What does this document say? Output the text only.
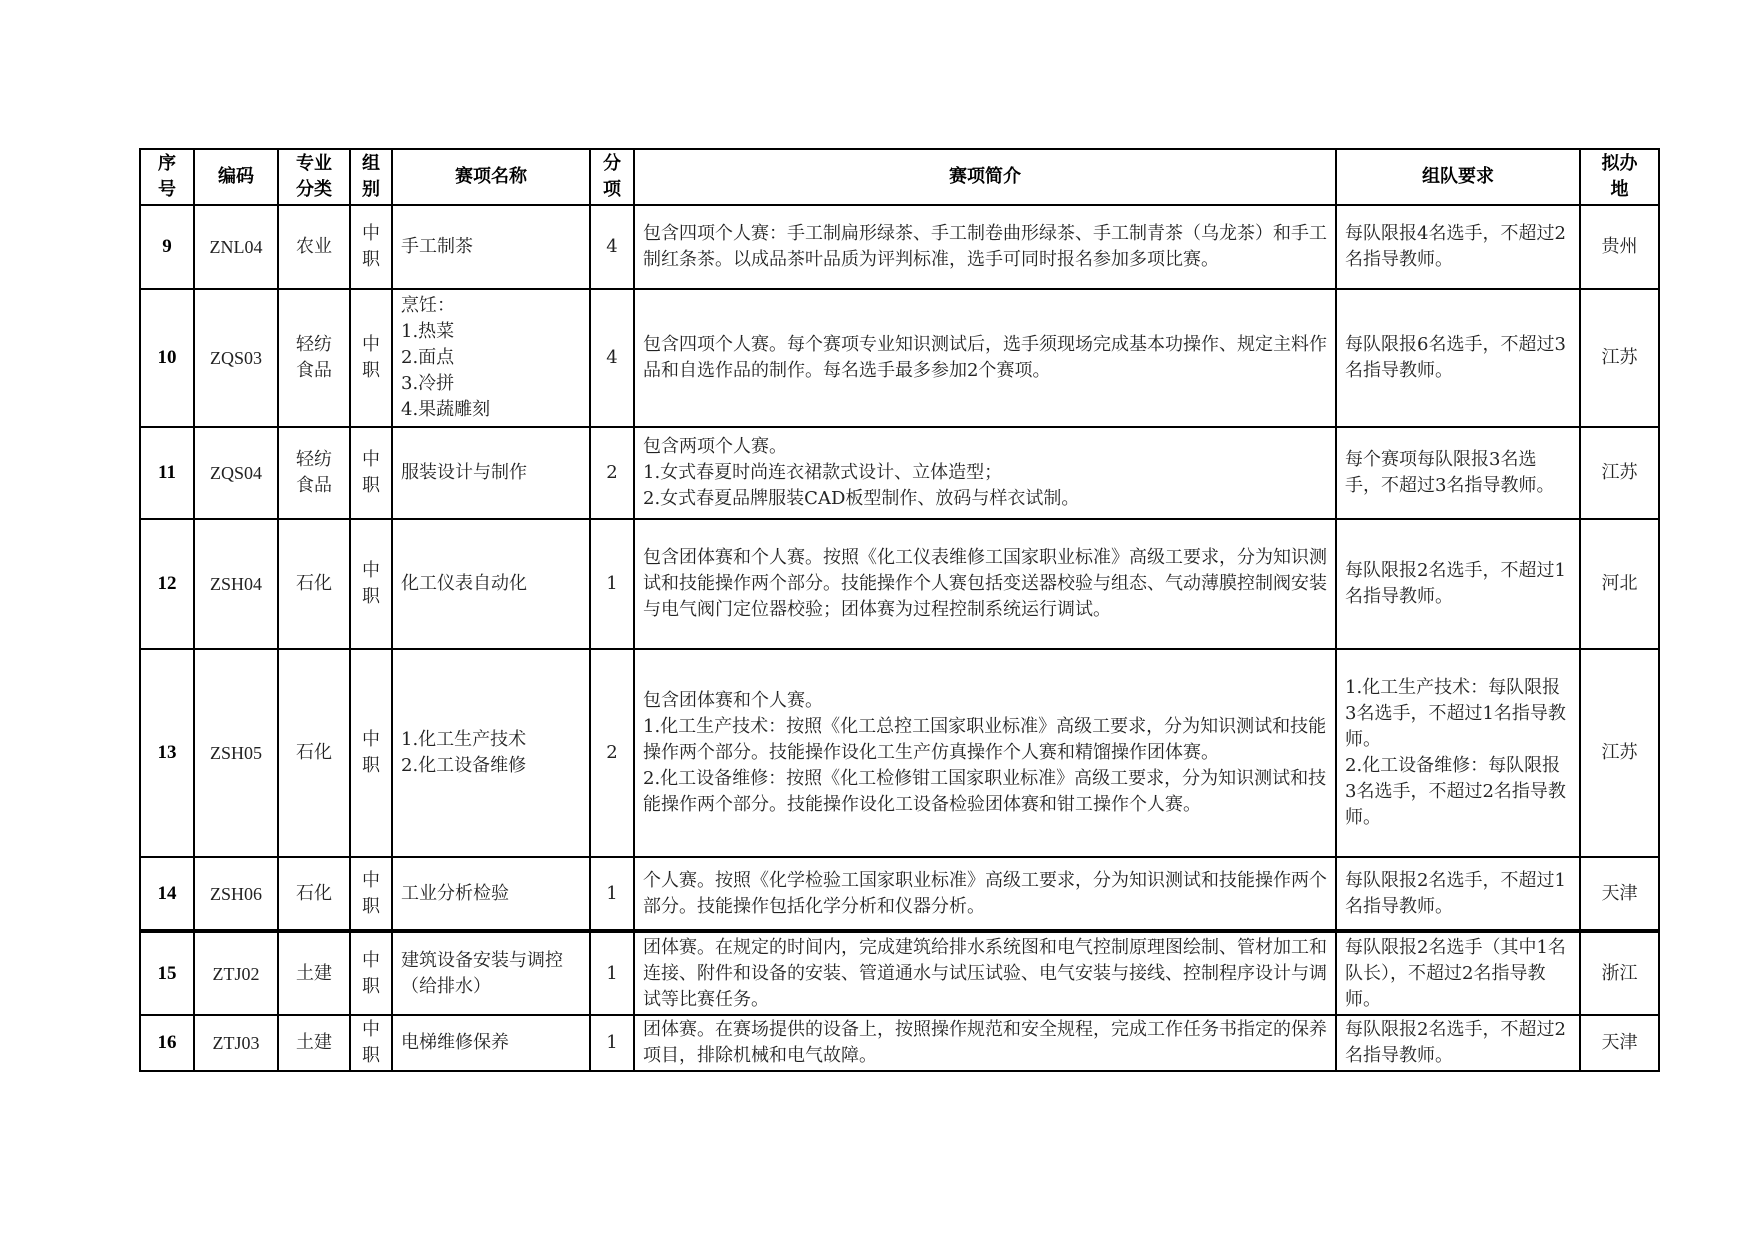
序号	编码	专业分类	组别	赛项名称	分项	赛项简介	组队要求	拟办地
9	ZNL04	农业	中职	手工制茶	4	包含四项个人赛：手工制扁形绿茶、手工制卷曲形绿茶、手工制青茶（乌龙茶）和手工制红条茶。以成品茶叶品质为评判标准，选手可同时报名参加多项比赛。	每队限报4名选手，不超过2名指导教师。	贵州
10	ZQS03	轻纺食品	中职	烹饪：
1.热菜
2.面点
3.冷拼
4.果蔬雕刻	4	包含四项个人赛。每个赛项专业知识测试后，选手须现场完成基本功操作、规定主料作品和自选作品的制作。每名选手最多参加2个赛项。	每队限报6名选手，不超过3名指导教师。	江苏
11	ZQS04	轻纺食品	中职	服装设计与制作	2	包含两项个人赛。
1.女式春夏时尚连衣裙款式设计、立体造型；
2.女式春夏品牌服装CAD板型制作、放码与样衣试制。	每个赛项每队限报3名选手，不超过3名指导教师。	江苏
12	ZSH04	石化	中职	化工仪表自动化	1	包含团体赛和个人赛。按照《化工仪表维修工国家职业标准》高级工要求，分为知识测试和技能操作两个部分。技能操作个人赛包括变送器校验与组态、气动薄膜控制阀安装与电气阀门定位器校验；团体赛为过程控制系统运行调试。	每队限报2名选手，不超过1名指导教师。	河北
13	ZSH05	石化	中职	1.化工生产技术
2.化工设备维修	2	包含团体赛和个人赛。
1.化工生产技术：按照《化工总控工国家职业标准》高级工要求，分为知识测试和技能操作两个部分。技能操作设化工生产仿真操作个人赛和精馏操作团体赛。
2.化工设备维修：按照《化工检修钳工国家职业标准》高级工要求，分为知识测试和技能操作两个部分。技能操作设化工设备检验团体赛和钳工操作个人赛。	1.化工生产技术：每队限报3名选手，不超过1名指导教师。
2.化工设备维修：每队限报3名选手，不超过2名指导教师。	江苏
14	ZSH06	石化	中职	工业分析检验	1	个人赛。按照《化学检验工国家职业标准》高级工要求，分为知识测试和技能操作两个部分。技能操作包括化学分析和仪器分析。	每队限报2名选手，不超过1名指导教师。	天津
15	ZTJ02	土建	中职	建筑设备安装与调控（给排水）	1	团体赛。在规定的时间内，完成建筑给排水系统图和电气控制原理图绘制、管材加工和连接、附件和设备的安装、管道通水与试压试验、电气安装与接线、控制程序设计与调试等比赛任务。	每队限报2名选手（其中1名队长），不超过2名指导教师。	浙江
16	ZTJ03	土建	中职	电梯维修保养	1	团体赛。在赛场提供的设备上，按照操作规范和安全规程，完成工作任务书指定的保养项目，排除机械和电气故障。	每队限报2名选手，不超过2名指导教师。	天津
